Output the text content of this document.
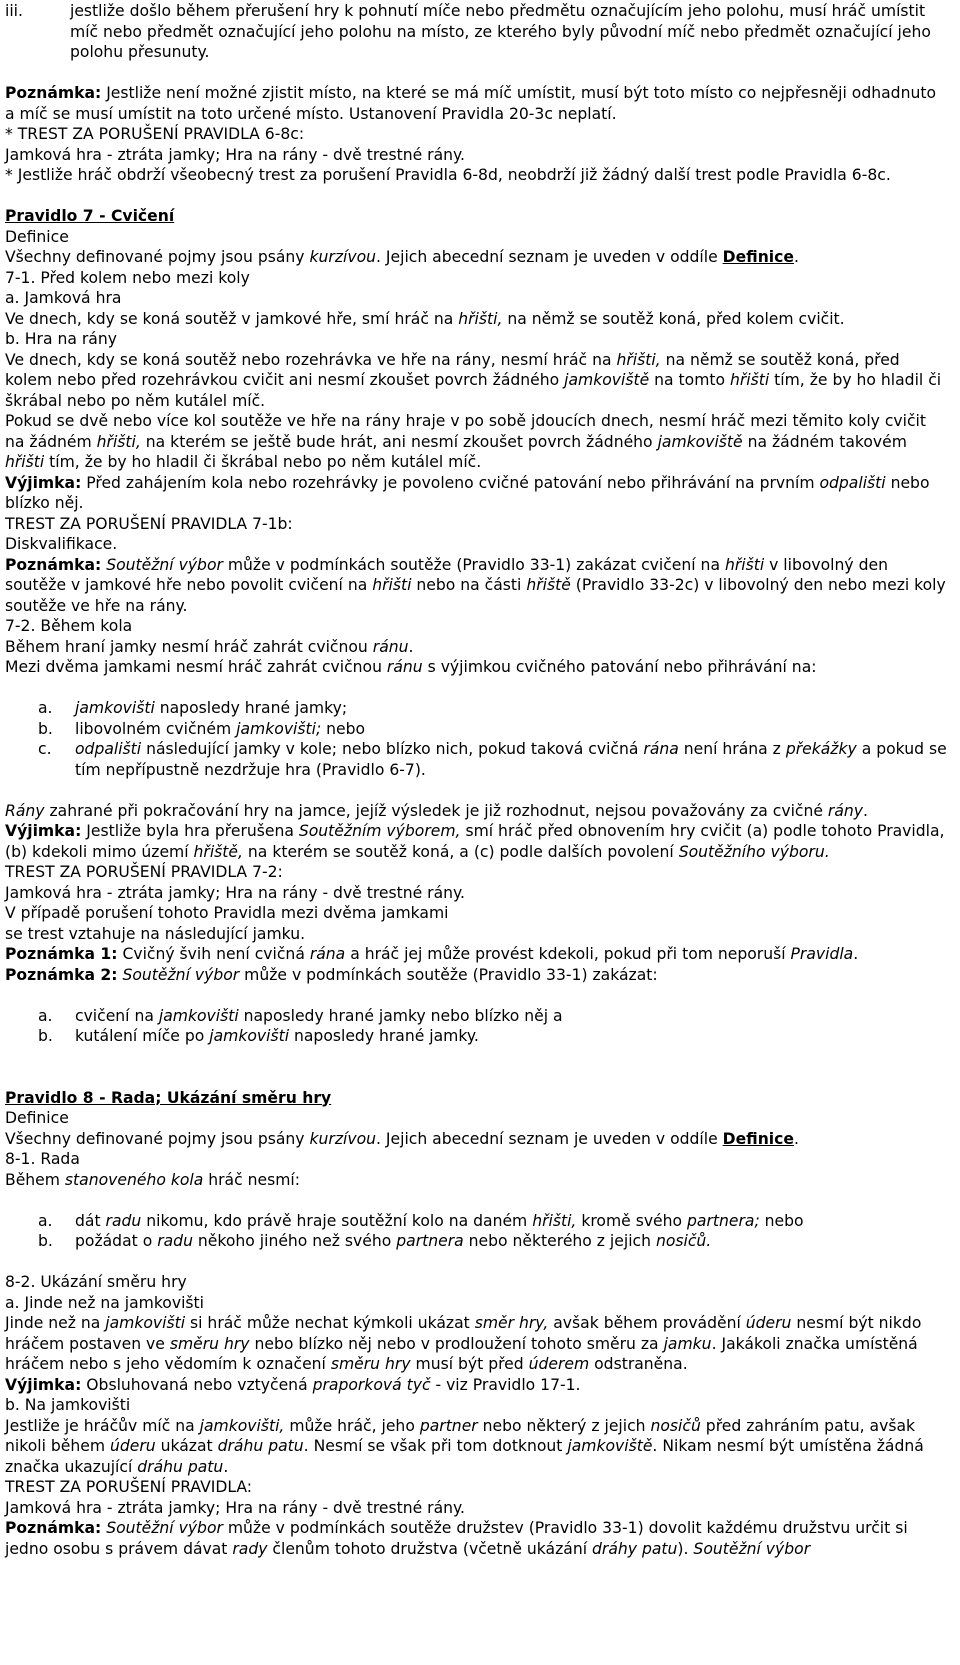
iii.	jestliže došlo během přerušení hry k pohnutí míče nebo předmětu označujícím jeho polohu, musí hráč umístit míč nebo předmět označující jeho polohu na místo, ze kterého byly původní míč nebo předmět označující jeho polohu přesunuty.

Poznámka: Jestliže není možné zjistit místo, na které se má míč umístit, musí být toto místo co nejpřesněji odhadnuto a míč se musí umístit na toto určené místo. Ustanovení Pravidla 20-3c neplatí.

* TREST ZA PORUŠENÍ PRAVIDLA 6-8c:

Jamková hra - ztráta jamky; Hra na rány - dvě trestné rány.

* Jestliže hráč obdrží všeobecný trest za porušení Pravidla 6-8d, neobdrží již žádný další trest podle Pravidla 6-8c.

Pravidlo 7 - Cvičení

Definice

Všechny definované pojmy jsou psány kurzívou. Jejich abecední seznam je uveden v oddíle Definice.

7-1. Před kolem nebo mezi koly

a. Jamková hra

Ve dnech, kdy se koná soutěž v jamkové hře, smí hráč na hřišti, na němž se soutěž koná, před kolem cvičit.

b. Hra na rány

Ve dnech, kdy se koná soutěž nebo rozehrávka ve hře na rány, nesmí hráč na hřišti, na němž se soutěž koná, před kolem nebo před rozehrávkou cvičit ani nesmí zkoušet povrch žádného jamkoviště na tomto hřišti tím, že by ho hladil či škrábal nebo po něm kutálel míč.

Pokud se dvě nebo více kol soutěže ve hře na rány hraje v po sobě jdoucích dnech, nesmí hráč mezi těmito koly cvičit na žádném hřišti, na kterém se ještě bude hrát, ani nesmí zkoušet povrch žádného jamkoviště na žádném takovém hřišti tím, že by ho hladil či škrábal nebo po něm kutálel míč.

Výjimka: Před zahájením kola nebo rozehrávky je povoleno cvičné patování nebo přihrávání na prvním odpališti nebo blízko něj.

TREST ZA PORUŠENÍ PRAVIDLA 7-1b:

Diskvalifikace.

Poznámka: Soutěžní výbor může v podmínkách soutěže (Pravidlo 33-1) zakázat cvičení na hřišti v libovolný den soutěže v jamkové hře nebo povolit cvičení na hřišti nebo na části hřiště (Pravidlo 33-2c) v libovolný den nebo mezi koly soutěže ve hře na rány.

7-2. Během kola

Během hraní jamky nesmí hráč zahrát cvičnou ránu.

Mezi dvěma jamkami nesmí hráč zahrát cvičnou ránu s výjimkou cvičného patování nebo přihrávání na:

a.	jamkovišti naposledy hrané jamky;
b.	libovolném cvičném jamkovišti; nebo
c.	odpališti následující jamky v kole; nebo blízko nich, pokud taková cvičná rána není hrána z překážky a pokud se tím nepřípustně nezdržuje hra (Pravidlo 6-7).

Rány zahrané při pokračování hry na jamce, jejíž výsledek je již rozhodnut, nejsou považovány za cvičné rány.

Výjimka: Jestliže byla hra přerušena Soutěžním výborem, smí hráč před obnovením hry cvičit (a) podle tohoto Pravidla, (b) kdekoli mimo území hřiště, na kterém se soutěž koná, a (c) podle dalších povolení Soutěžního výboru.

TREST ZA PORUŠENÍ PRAVIDLA 7-2:

Jamková hra - ztráta jamky; Hra na rány - dvě trestné rány.

V případě porušení tohoto Pravidla mezi dvěma jamkami

se trest vztahuje na následující jamku.

Poznámka 1: Cvičný švih není cvičná rána a hráč jej může provést kdekoli, pokud při tom neporuší Pravidla.

Poznámka 2: Soutěžní výbor může v podmínkách soutěže (Pravidlo 33-1) zakázat:

a.	cvičení na jamkovišti naposledy hrané jamky nebo blízko něj a
b.	kutálení míče po jamkovišti naposledy hrané jamky.

Pravidlo 8 - Rada; Ukázání směru hry

Definice

Všechny definované pojmy jsou psány kurzívou. Jejich abecední seznam je uveden v oddíle Definice.

8-1. Rada

Během stanoveného kola hráč nesmí:

a.	dát radu nikomu, kdo právě hraje soutěžní kolo na daném hřišti, kromě svého partnera; nebo
b.	požádat o radu někoho jiného než svého partnera nebo některého z jejich nosičů.

8-2. Ukázání směru hry

a. Jinde než na jamkovišti

Jinde než na jamkovišti si hráč může nechat kýmkoli ukázat směr hry, avšak během provádění úderu nesmí být nikdo hráčem postaven ve směru hry nebo blízko něj nebo v prodloužení tohoto směru za jamku. Jakákoli značka umístěná hráčem nebo s jeho vědomím k označení směru hry musí být před úderem odstraněna.

Výjimka: Obsluhovaná nebo vztyčená praporková tyč - viz Pravidlo 17-1.

b. Na jamkovišti

Jestliže je hráčův míč na jamkovišti, může hráč, jeho partner nebo některý z jejich nosičů před zahráním patu, avšak nikoli během úderu ukázat dráhu patu. Nesmí se však při tom dotknout jamkoviště. Nikam nesmí být umístěna žádná značka ukazující dráhu patu.

TREST ZA PORUŠENÍ PRAVIDLA:

Jamková hra - ztráta jamky; Hra na rány - dvě trestné rány.

Poznámka: Soutěžní výbor může v podmínkách soutěže družstev (Pravidlo 33-1) dovolit každému družstvu určit si jedno osobu s právem dávat rady členům tohoto družstva (včetně ukázání dráhy patu). Soutěžní výbor
